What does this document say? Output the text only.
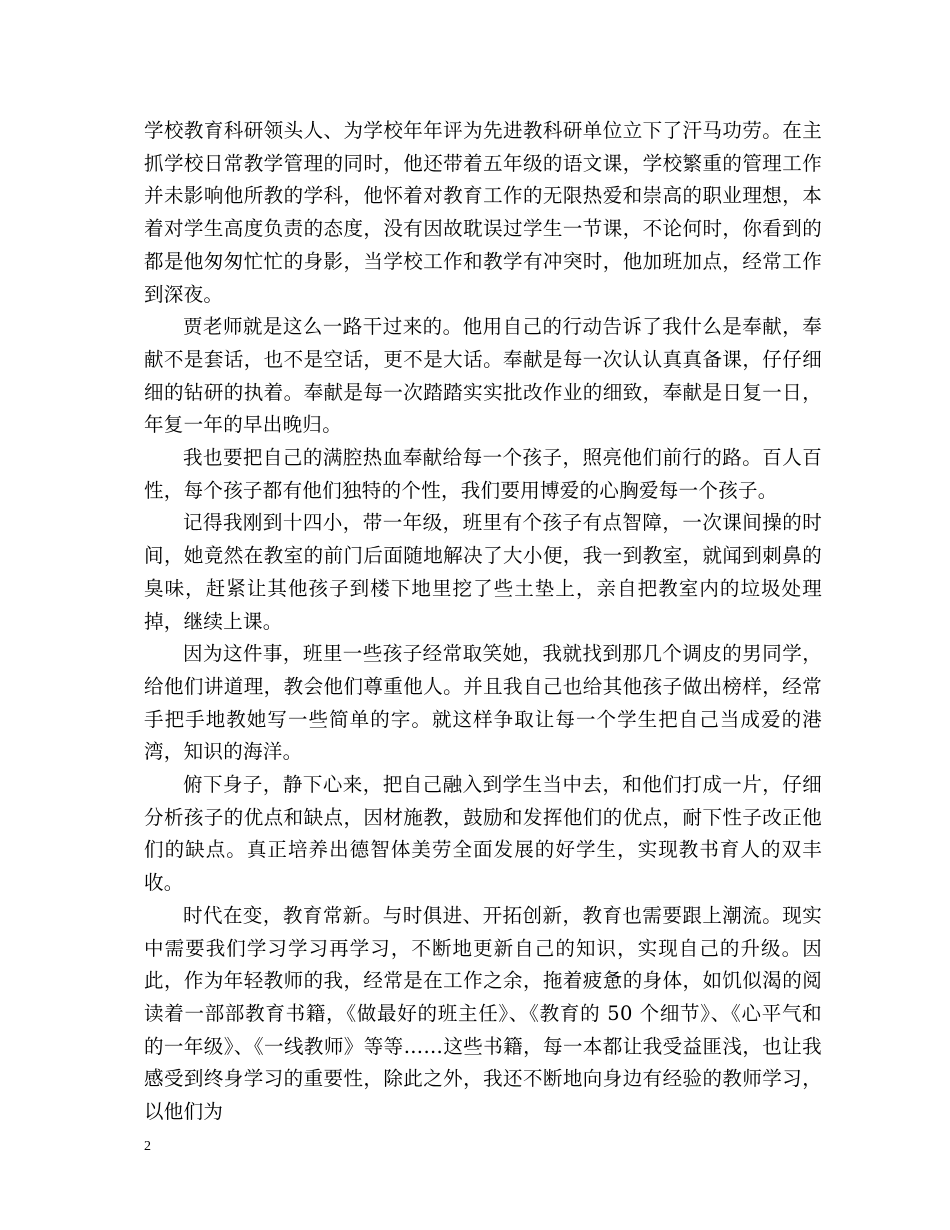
学校教育科研领头人、为学校年年评为先进教科研单位立下了汗马功劳。在主抓学校日常教学管理的同时，他还带着五年级的语文课，学校繁重的管理工作并未影响他所教的学科，他怀着对教育工作的无限热爱和崇高的职业理想，本着对学生高度负责的态度，没有因故耽误过学生一节课，不论何时，你看到的都是他匆匆忙忙的身影，当学校工作和教学有冲突时，他加班加点，经常工作到深夜。

贾老师就是这么一路干过来的。他用自己的行动告诉了我什么是奉献，奉献不是套话，也不是空话，更不是大话。奉献是每一次认认真真备课，仔仔细细的钻研的执着。奉献是每一次踏踏实实批改作业的细致，奉献是日复一日，年复一年的早出晚归。

我也要把自己的满腔热血奉献给每一个孩子，照亮他们前行的路。百人百性，每个孩子都有他们独特的个性，我们要用博爱的心胸爱每一个孩子。

记得我刚到十四小，带一年级，班里有个孩子有点智障，一次课间操的时间，她竟然在教室的前门后面随地解决了大小便，我一到教室，就闻到刺鼻的臭味，赶紧让其他孩子到楼下地里挖了些土垫上，亲自把教室内的垃圾处理掉，继续上课。

因为这件事，班里一些孩子经常取笑她，我就找到那几个调皮的男同学，给他们讲道理，教会他们尊重他人。并且我自己也给其他孩子做出榜样，经常手把手地教她写一些简单的字。就这样争取让每一个学生把自己当成爱的港湾，知识的海洋。

俯下身子，静下心来，把自己融入到学生当中去，和他们打成一片，仔细分析孩子的优点和缺点，因材施教，鼓励和发挥他们的优点，耐下性子改正他们的缺点。真正培养出德智体美劳全面发展的好学生，实现教书育人的双丰收。

时代在变，教育常新。与时俱进、开拓创新，教育也需要跟上潮流。现实中需要我们学习学习再学习，不断地更新自己的知识，实现自己的升级。因此，作为年轻教师的我，经常是在工作之余，拖着疲惫的身体，如饥似渴的阅读着一部部教育书籍，《做最好的班主任》、《教育的 50 个细节》、《心平气和的一年级》、《一线教师》等等……这些书籍，每一本都让我受益匪浅，也让我感受到终身学习的重要性，除此之外，我还不断地向身边有经验的教师学习，以他们为

2
